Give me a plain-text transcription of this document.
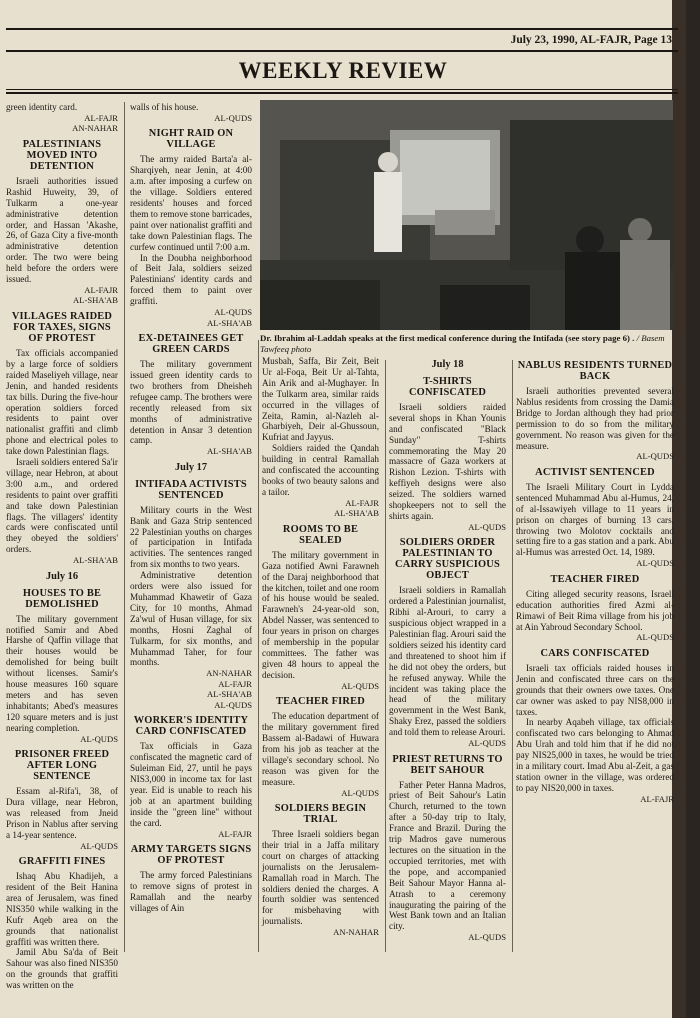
July 23, 1990, AL-FAJR, Page 13
WEEKLY REVIEW
Dr. Ibrahim al-Laddah speaks at the first medical conference during the Intifada (see story page 6) . / Basem Tawfeeq photo

green identity card.

AL-FAJR
AN-NAHAR
PALESTINIANS MOVED INTO DETENTION

Israeli authorities issued Rashid Huweity, 39, of Tulkarm a one-year administrative detention order, and Hassan 'Akashe, 26, of Gaza City a five-month administrative detention order. The two were being held before the orders were issued.

AL-FAJR
AL-SHA'AB
VILLAGES RAIDED FOR TAXES, SIGNS OF PROTEST

Tax officials accompanied by a large force of soldiers raided Maseliyeh village, near Jenin, and handed residents tax bills. During the five-hour operation soldiers forced residents to paint over nationalist graffiti and climb phone and electrical poles to take down Palestinian flags.

Israeli soldiers entered Sa'ir village, near Hebron, at about 3:00 a.m., and ordered residents to paint over graffiti and take down Palestinian flags. The villagers' identity cards were confiscated until they obeyed the soldiers' orders.

AL-SHA'AB
July 16
HOUSES TO BE DEMOLISHED

The military government notified Samir and Abed Harshe of Qaffin village that their houses would be demolished for being built without licenses. Samir's house measures 160 square meters and has seven inhabitants; Abed's measures 120 square meters and is just nearing completion.

AL-QUDS
PRISONER FREED AFTER LONG SENTENCE

Essam al-Rifa'i, 38, of Dura village, near Hebron, was released from Jneid Prison in Nablus after serving a 14-year sentence.

AL-QUDS
GRAFFITI FINES

Ishaq Abu Khadijeh, a resident of the Beit Hanina area of Jerusalem, was fined NIS350 while walking in the Kufr Aqeb area on the grounds that nationalist graffiti was written there.

Jamil Abu Sa'da of Beit Sahour was also fined NIS350 on the grounds that graffiti was written on the

walls of his house.

AL-QUDS
NIGHT RAID ON VILLAGE

The army raided Barta'a al-Sharqiyeh, near Jenin, at 4:00 a.m. after imposing a curfew on the village. Soldiers entered residents' houses and forced them to remove stone barricades, paint over nationalist graffiti and take down Palestinian flags. The curfew continued until 7:00 a.m.

In the Doubha neighborhood of Beit Jala, soldiers seized Palestinians' identity cards and forced them to paint over graffiti.

AL-QUDS
AL-SHA'AB
EX-DETAINEES GET GREEN CARDS

The military government issued green identity cards to two brothers from Dheisheh refugee camp. The brothers were recently released from six months of administrative detention in Ansar 3 detention camp.

AL-SHA'AB
July 17
INTIFADA ACTIVISTS SENTENCED

Military courts in the West Bank and Gaza Strip sentenced 22 Palestinian youths on charges of participation in Intifada activities. The sentences ranged from six months to two years.

Administrative detention orders were also issued for Muhammad Khawetir of Gaza City, for 10 months, Ahmad Za'wul of Husan village, for six months, Hosni Zaghal of Tulkarm, for six months, and Muhammad Taher, for four months.

AN-NAHAR
AL-FAJR
AL-SHA'AB
AL-QUDS
WORKER'S IDENTITY CARD CONFISCATED

Tax officials in Gaza confiscated the magnetic card of Suleiman Eid, 27, until he pays NIS3,000 in income tax for last year. Eid is unable to reach his job at an apartment building inside the "green line" without the card.

AL-FAJR
ARMY TARGETS SIGNS OF PROTEST

The army forced Palestinians to remove signs of protest in Ramallah and the nearby villages of Ain

Musbah, Saffa, Bir Zeit, Beit Ur al-Foqa, Beit Ur al-Tahta, Ain Arik and al-Mughayer. In the Tulkarm area, similar raids occurred in the villages of Zeita, Ramin, al-Nazleh al-Gharbiyeh, Deir al-Ghussoun, Kufriat and Jayyus.

Soldiers raided the Qandah building in central Ramallah and confiscated the accounting books of two beauty salons and a tailor.

AL-FAJR
AL-SHA'AB
ROOMS TO BE SEALED

The military government in Gaza notified Awni Farawneh of the Daraj neighborhood that the kitchen, toilet and one room of his house would be sealed. Farawneh's 24-year-old son, Abdel Nasser, was sentenced to four years in prison on charges of membership in the popular committees. The father was given 48 hours to appeal the decision.

AL-QUDS
TEACHER FIRED

The education department of the military government fired Bassem al-Badawi of Huwara from his job as teacher at the village's secondary school. No reason was given for the measure.

AL-QUDS
SOLDIERS BEGIN TRIAL

Three Israeli soldiers began their trial in a Jaffa military court on charges of attacking journalists on the Jerusalem-Ramallah road in March. The soldiers denied the charges. A fourth soldier was sentenced for misbehaving with journalists.

AN-NAHAR
July 18
T-SHIRTS CONFISCATED

Israeli soldiers raided several shops in Khan Younis and confiscated "Black Sunday" T-shirts commemorating the May 20 massacre of Gaza workers at Rishon Lezion. T-shirts with keffiyeh designs were also seized. The soldiers warned shopkeepers not to sell the shirts again.

AL-QUDS
SOLDIERS ORDER PALESTINIAN TO CARRY SUSPICIOUS OBJECT

Israeli soldiers in Ramallah ordered a Palestinian journalist, Ribhi al-Arouri, to carry a suspicious object wrapped in a Palestinian flag. Arouri said the soldiers seized his identity card and threatened to shoot him if he did not obey the orders, but he refused anyway. While the incident was taking place the head of the military government in the West Bank, Shaky Erez, passed the soldiers and told them to release Arouri.

AL-QUDS
PRIEST RETURNS TO BEIT SAHOUR

Father Peter Hanna Madros, priest of Beit Sahour's Latin Church, returned to the town after a 50-day trip to Italy, France and Brazil. During the trip Madros gave numerous lectures on the situation in the occupied territories, met with the pope, and accompanied Beit Sahour Mayor Hanna al-Atrash to a ceremony inaugurating the pairing of the West Bank town and an Italian city.

AL-QUDS
NABLUS RESIDENTS TURNED BACK

Israeli authorities prevented several Nablus residents from crossing the Damia Bridge to Jordan although they had prior permission to do so from the military government. No reason was given for the measure.

AL-QUDS
ACTIVIST SENTENCED

The Israeli Military Court in Lydda sentenced Muhammad Abu al-Humus, 24, of al-Issawiyeh village to 11 years in prison on charges of burning 13 cars, throwing two Molotov cocktails and setting fire to a gas station and a park. Abu al-Humus was arrested Oct. 14, 1989.

AL-QUDS
TEACHER FIRED

Citing alleged security reasons, Israeli education authorities fired Azmi al-Rimawi of Beit Rima village from his job at Ain Yabroud Secondary School.

AL-QUDS
CARS CONFISCATED

Israeli tax officials raided houses in Jenin and confiscated three cars on the grounds that their owners owe taxes. One car owner was asked to pay NIS8,000 in taxes.

In nearby Aqabeh village, tax officials confiscated two cars belonging to Ahmad Abu Urah and told him that if he did not pay NIS25,000 in taxes, he would be tried in a military court. Imad Abu al-Zeit, a gas station owner in the village, was ordered to pay NIS20,000 in taxes.

AL-FAJR
